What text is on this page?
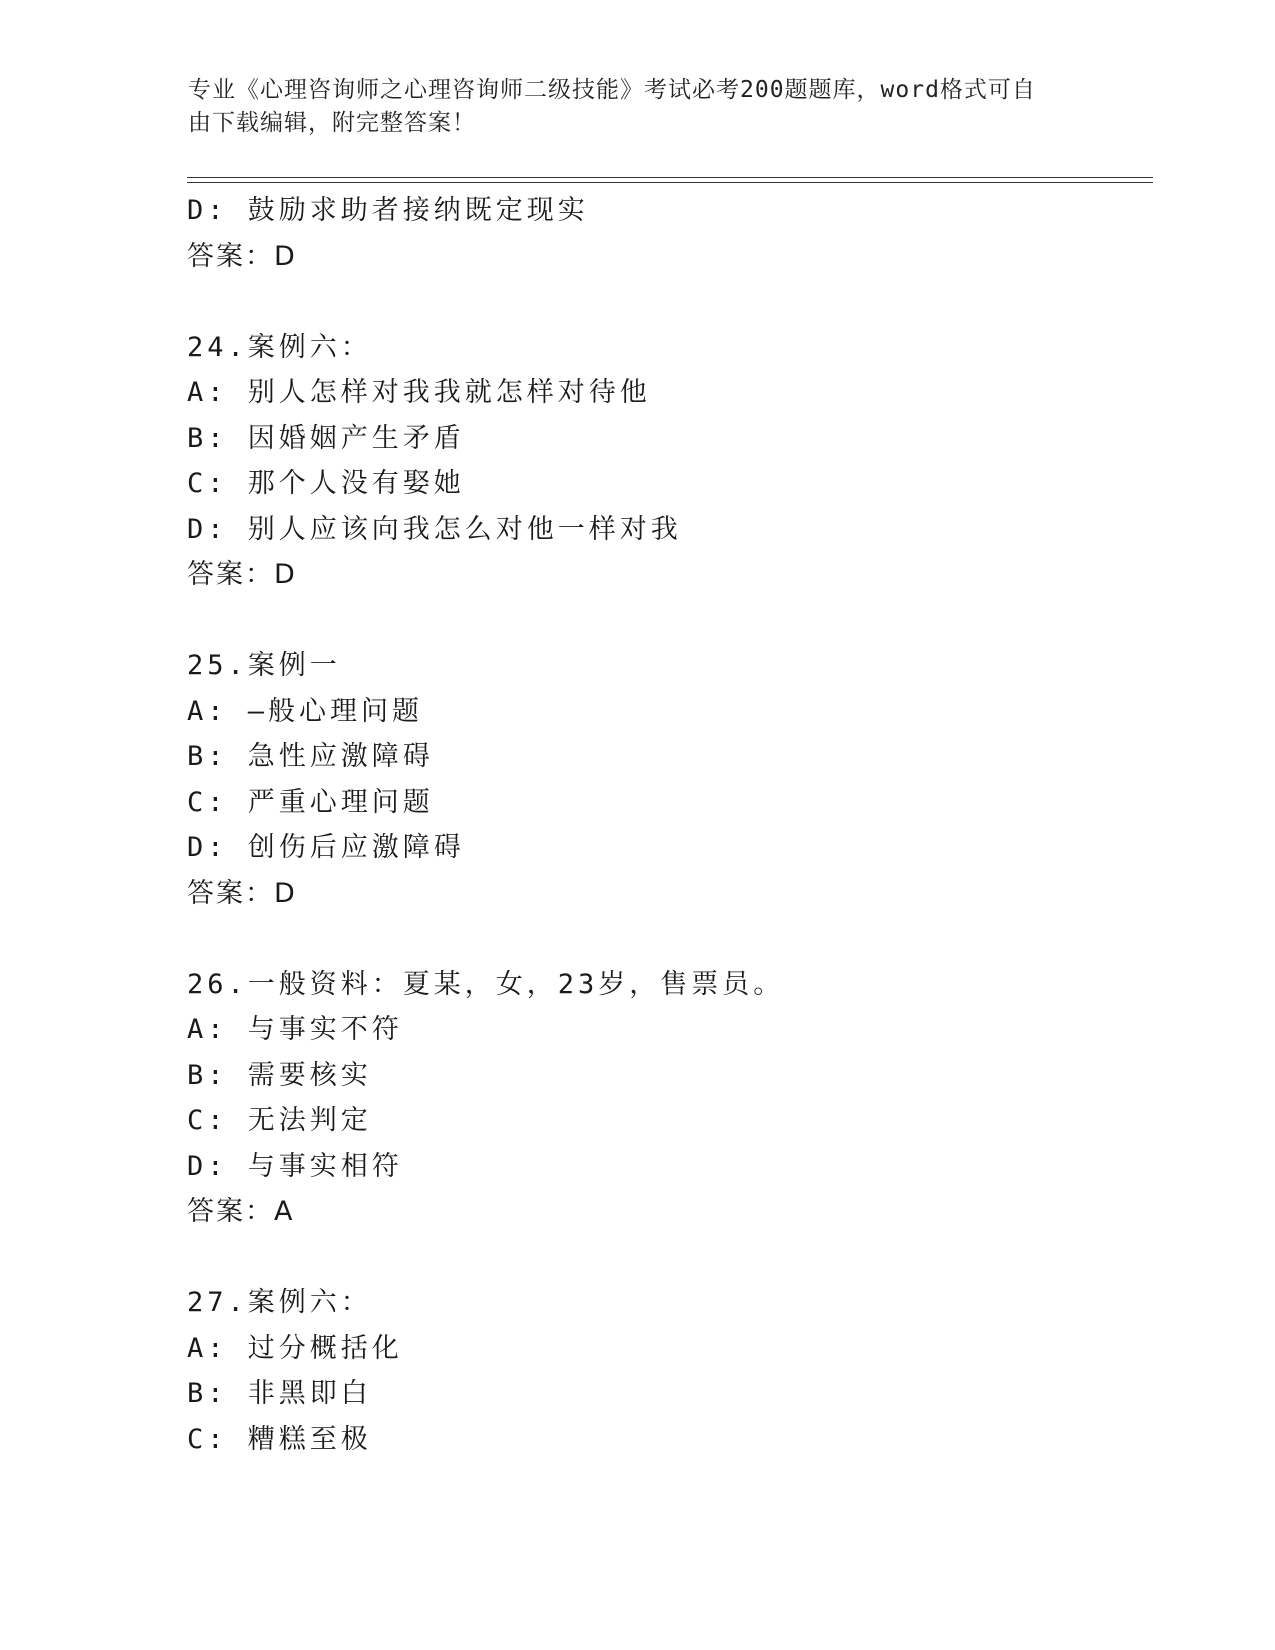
专业《心理咨询师之心理咨询师二级技能》考试必考200题题库，word格式可自
由下载编辑，附完整答案！
D: 鼓励求助者接纳既定现实
答案：D
24.案例六：
A: 别人怎样对我我就怎样对待他
B: 因婚姻产生矛盾
C: 那个人没有娶她
D: 别人应该向我怎么对他一样对我
答案：D
25.案例一
A: —般心理问题
B: 急性应激障碍
C: 严重心理问题
D: 创伤后应激障碍
答案：D
26.一般资料：夏某，女，23岁，售票员。
A: 与事实不符
B: 需要核实
C: 无法判定
D: 与事实相符
答案：A
27.案例六：
A: 过分概括化
B: 非黑即白
C: 糟糕至极
